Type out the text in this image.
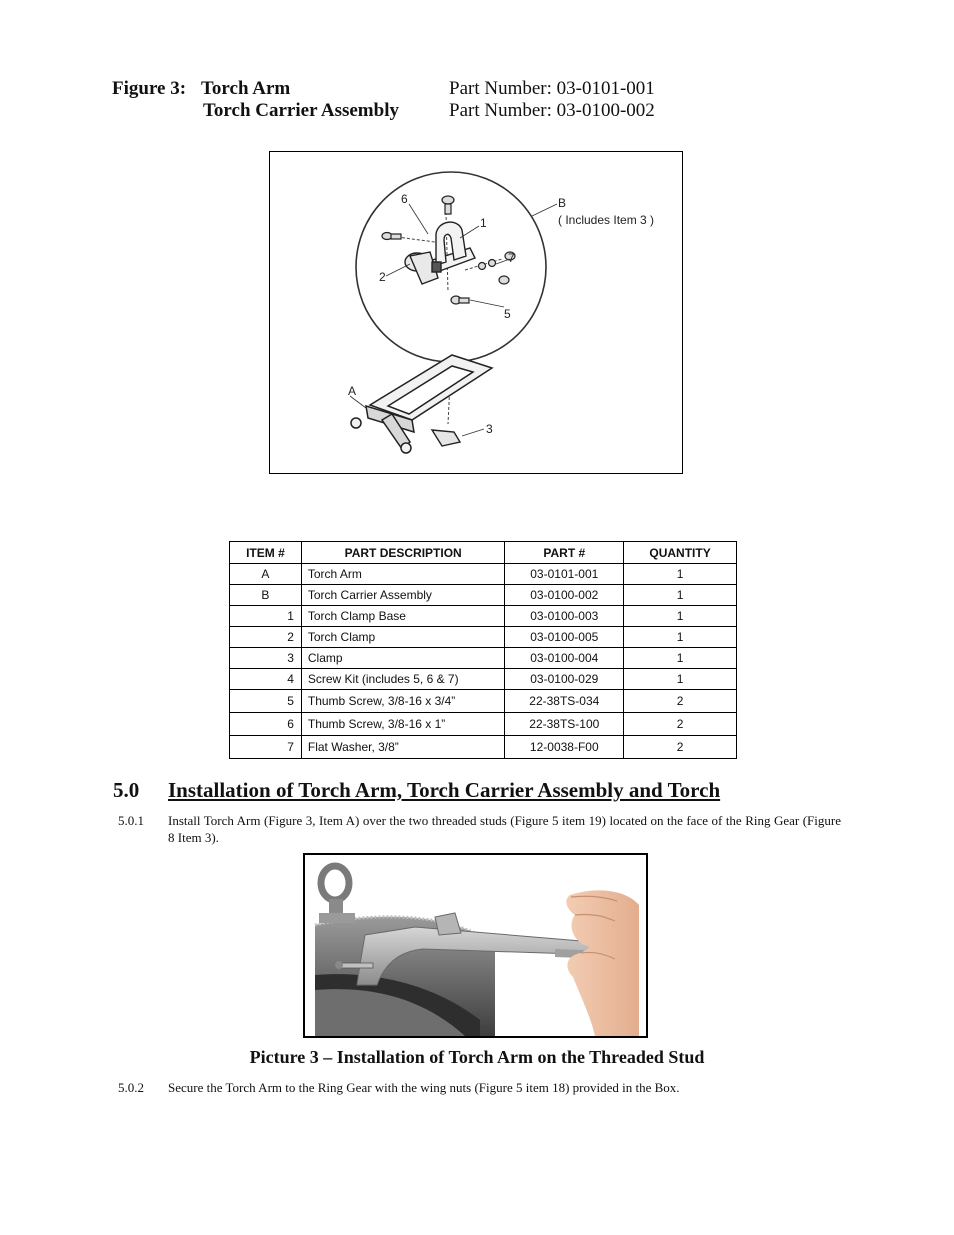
Figure 3: Torch Arm	Part Number: 03-0101-001
Torch Carrier Assembly	Part Number: 03-0100-002
6
1
2
7
5
B
( Includes Item 3 )
A
3
ITEM #	PART DESCRIPTION	PART #	QUANTITY
A	Torch Arm	03-0101-001	1
B	Torch Carrier Assembly	03-0100-002	1
1	Torch Clamp Base	03-0100-003	1
2	Torch Clamp	03-0100-005	1
3	Clamp	03-0100-004	1
4	Screw Kit (includes 5, 6 & 7)	03-0100-029	1
5	Thumb Screw, 3/8-16 x 3/4”	22-38TS-034	2
6	Thumb Screw, 3/8-16 x 1”	22-38TS-100	2
7	Flat Washer, 3/8”	12-0038-F00	2
5.0 Installation of Torch Arm, Torch Carrier Assembly and Torch
5.0.1 Install Torch Arm (Figure 3, Item A) over the two threaded studs (Figure 5 item 19) located on the face of the Ring Gear (Figure 8 Item 3).
Picture 3 – Installation of Torch Arm on the Threaded Stud
5.0.2 Secure the Torch Arm to the Ring Gear with the wing nuts (Figure 5 item 18) provided in the Box.
